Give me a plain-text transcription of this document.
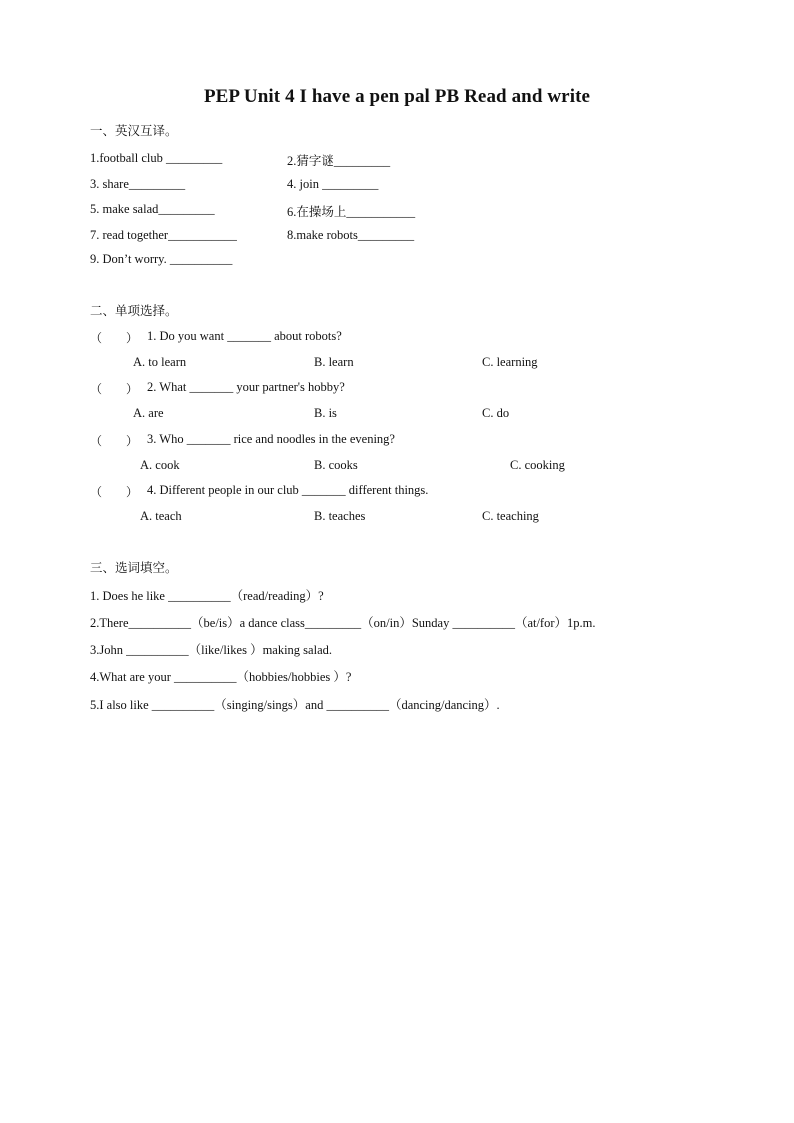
PEP Unit 4 I have a pen pal PB Read and write
一、英汉互译。
1.football club _________	2.猜字谜_________
3. share_________	4. join _________
5. make salad_________	6.在操场上___________
7. read together___________	8.make robots_________
9. Don’t worry. __________
二、单项选择。
（　　） 1. Do you want _______ about robots?
A. to learn	B. learn	C. learning
（　　） 2. What _______ your partner's hobby?
A. are	B. is	C. do
（　　） 3. Who _______ rice and noodles in the evening?
A. cook	B. cooks	C. cooking
（　　） 4. Different people in our club _______ different things.
A. teach	B. teaches	C. teaching
三、选词填空。
1. Does he like __________（read/reading）?
2.There__________（be/is）a dance class_________（on/in）Sunday __________（at/for）1p.m.
3.John __________（like/likes ）making salad.
4.What are your __________（hobbies/hobbies ）?
5.I also like __________（singing/sings）and __________（dancing/dancing）.
